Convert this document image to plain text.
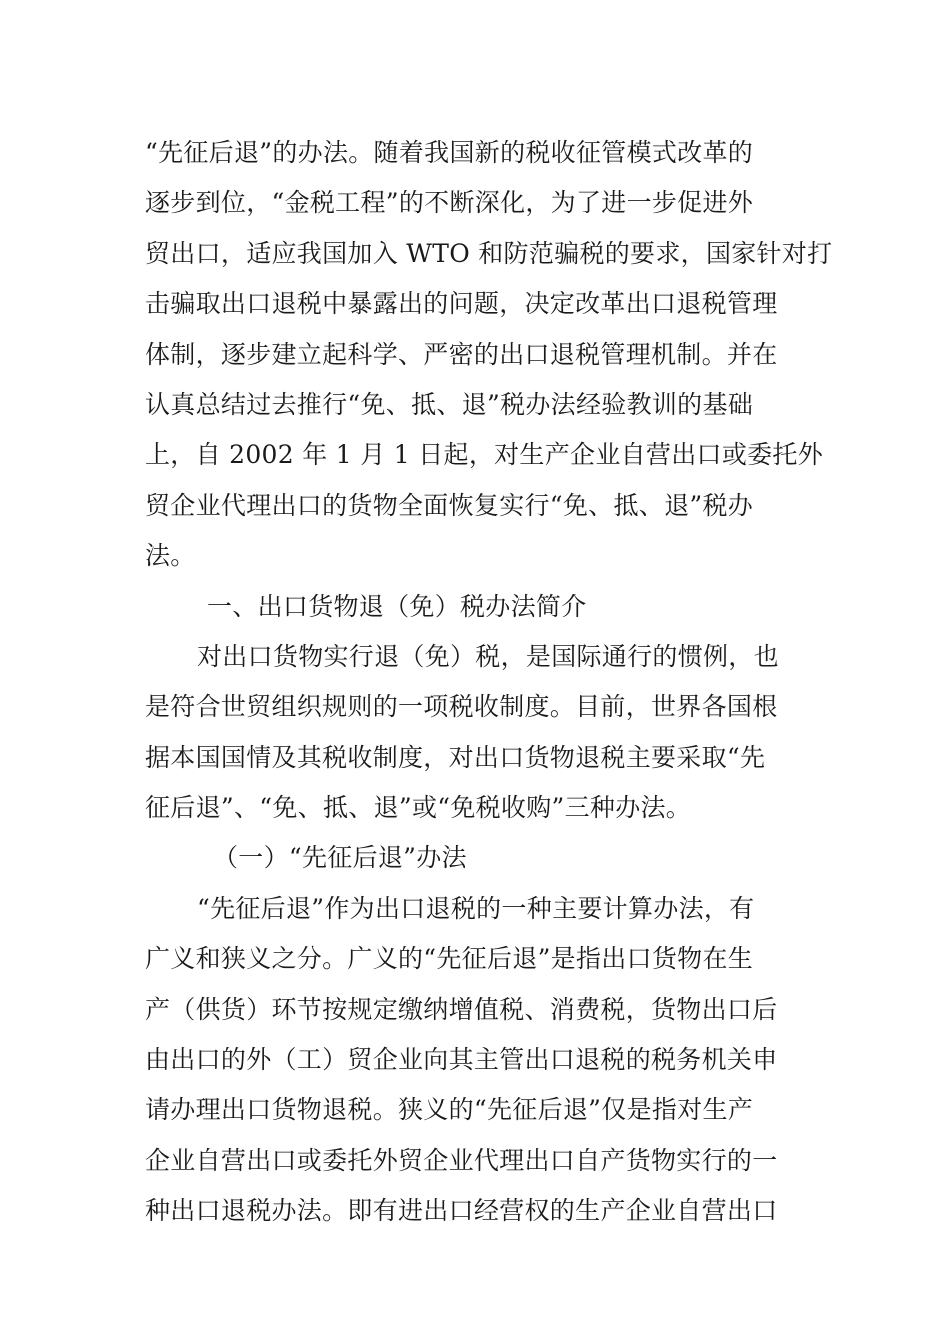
“先征后退”的办法。随着我国新的税收征管模式改革的
逐步到位，“金税工程”的不断深化，为了进一步促进外
贸出口，适应我国加入 WTO 和防范骗税的要求，国家针对打
击骗取出口退税中暴露出的问题，决定改革出口退税管理
体制，逐步建立起科学、严密的出口退税管理机制。并在
认真总结过去推行“免、抵、退”税办法经验教训的基础
上，自 2002 年 1 月 1 日起，对生产企业自营出口或委托外
贸企业代理出口的货物全面恢复实行“免、抵、退”税办
法。
一、出口货物退（免）税办法简介
对出口货物实行退（免）税，是国际通行的惯例，也
是符合世贸组织规则的一项税收制度。目前，世界各国根
据本国国情及其税收制度，对出口货物退税主要采取“先
征后退”、“免、抵、退”或“免税收购”三种办法。
（一）“先征后退”办法
“先征后退”作为出口退税的一种主要计算办法，有
广义和狭义之分。广义的“先征后退”是指出口货物在生
产（供货）环节按规定缴纳增值税、消费税，货物出口后
由出口的外（工）贸企业向其主管出口退税的税务机关申
请办理出口货物退税。狭义的“先征后退”仅是指对生产
企业自营出口或委托外贸企业代理出口自产货物实行的一
种出口退税办法。即有进出口经营权的生产企业自营出口
